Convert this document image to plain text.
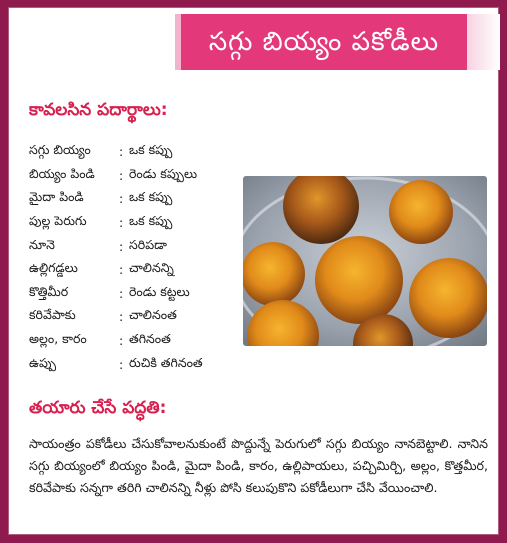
సగ్గు బియ్యం పకోడీలు
కావలసిన పదార్థాలు:
సగ్గు బియ్యం	: ఒక కప్పు
బియ్యం పిండి	: రెండు కప్పులు
మైదా పిండి	: ఒక కప్పు
పుల్ల పెరుగు	: ఒక కప్పు
నూనె	: సరిపడా
ఉల్లిగడ్డలు	: చాలినన్ని
కొత్తిమీర	: రెండు కట్టలు
కరివేపాకు	: చాలినంత
అల్లం, కారం	: తగినంత
ఉప్పు	: రుచికి తగినంత
తయారు చేసే పద్ధతి:
సాయంత్రం పకోడీలు చేసుకోవాలనుకుంటే పొద్దున్నే పెరుగులో సగ్గు బియ్యం నానబెట్టాలి. నానిన సగ్గు బియ్యంలో బియ్యం పిండి, మైదా పిండి, కారం, ఉల్లిపాయలు, పచ్చిమిర్చి, అల్లం, కొత్తమీర, కరివేపాకు సన్నగా తరిగి చాలినన్ని నీళ్లు పోసి కలుపుకొని పకోడీలుగా చేసి వేయించాలి.
